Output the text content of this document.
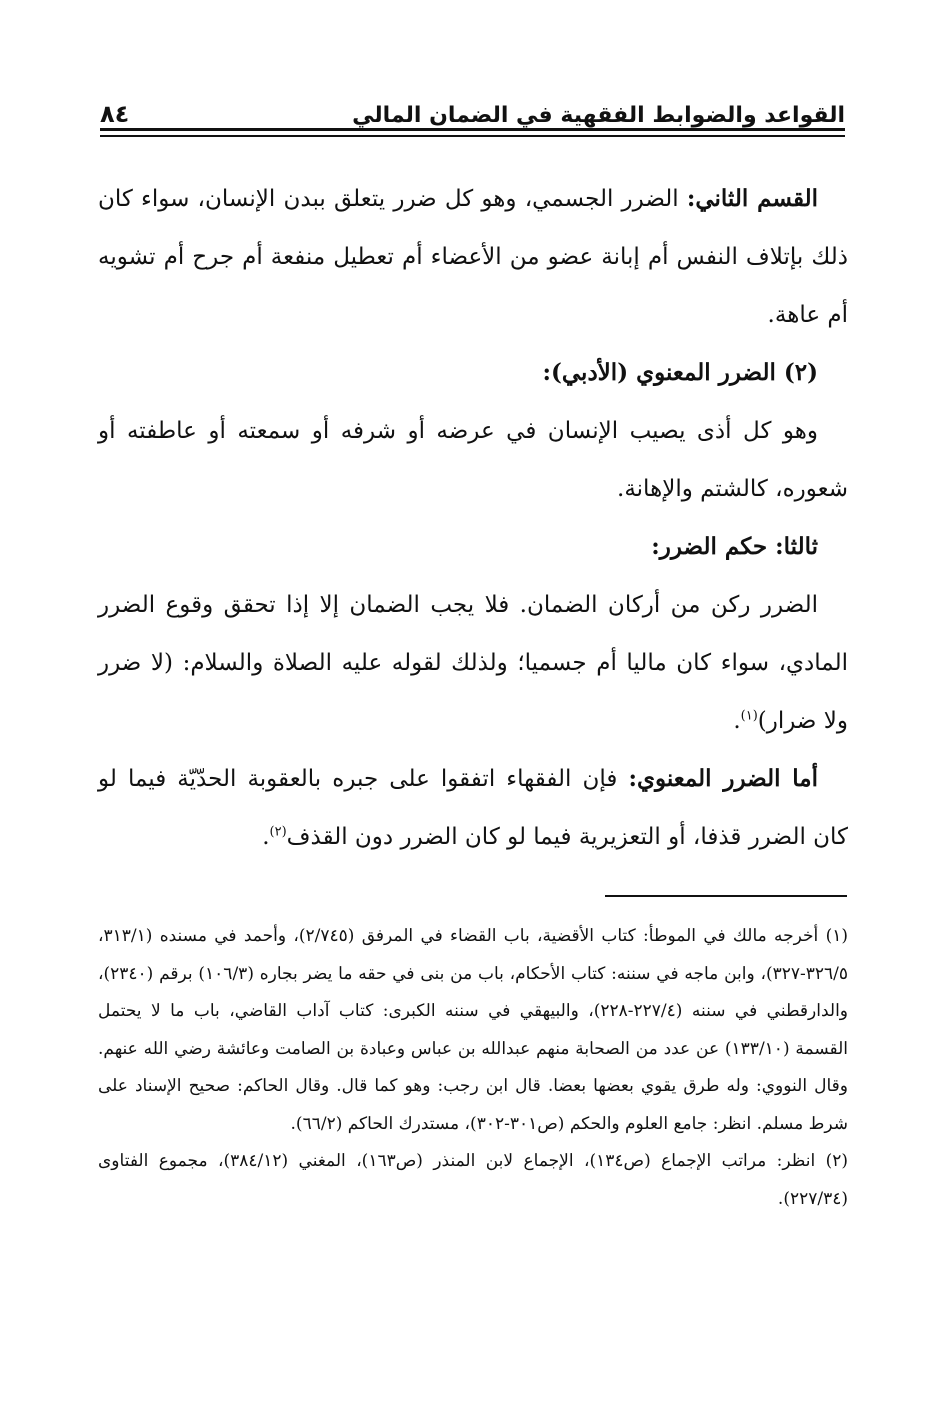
القواعد والضوابط الفقهية في الضمان المالي
٨٤

القسم الثاني: الضرر الجسمي، وهو كل ضرر يتعلق ببدن الإنسان، سواء كان ذلك بإتلاف النفس أم إبانة عضو من الأعضاء أم تعطيل منفعة أم جرح أم تشويه أم عاهة.

(٢) الضرر المعنوي (الأدبي):

وهو كل أذى يصيب الإنسان في عرضه أو شرفه أو سمعته أو عاطفته أو شعوره، كالشتم والإهانة.

ثالثا: حكم الضرر:

الضرر ركن من أركان الضمان. فلا يجب الضمان إلا إذا تحقق وقوع الضرر المادي، سواء كان ماليا أم جسميا؛ ولذلك لقوله عليه الصلاة والسلام: (لا ضرر ولا ضرار)$^{(١)}$.

أما الضرر المعنوي: فإن الفقهاء اتفقوا على جبره بالعقوبة الحدّيّة فيما لو كان الضرر قذفا، أو التعزيرية فيما لو كان الضرر دون القذف$^{(٢)}$.

(١) أخرجه مالك في الموطأ: كتاب الأقضية، باب القضاء في المرفق (٢/٧٤٥)، وأحمد في مسنده (٣١٣/١، ٣٢٦/٥-٣٢٧)، وابن ماجه في سننه: كتاب الأحكام، باب من بنى في حقه ما يضر بجاره (١٠٦/٣) برقم (٢٣٤٠)، والدارقطني في سننه (٢٢٧/٤-٢٢٨)، والبيهقي في سننه الكبرى: كتاب آداب القاضي، باب ما لا يحتمل القسمة (١٣٣/١٠) عن عدد من الصحابة منهم عبدالله بن عباس وعبادة بن الصامت وعائشة رضي الله عنهم. وقال النووي: وله طرق يقوي بعضها بعضا. قال ابن رجب: وهو كما قال. وقال الحاكم: صحيح الإسناد على شرط مسلم. انظر: جامع العلوم والحكم (ص٣٠١-٣٠٢)، مستدرك الحاكم (٦٦/٢).

(٢) انظر: مراتب الإجماع (ص١٣٤)، الإجماع لابن المنذر (ص١٦٣)، المغني (٣٨٤/١٢)، مجموع الفتاوى (٢٢٧/٣٤).
